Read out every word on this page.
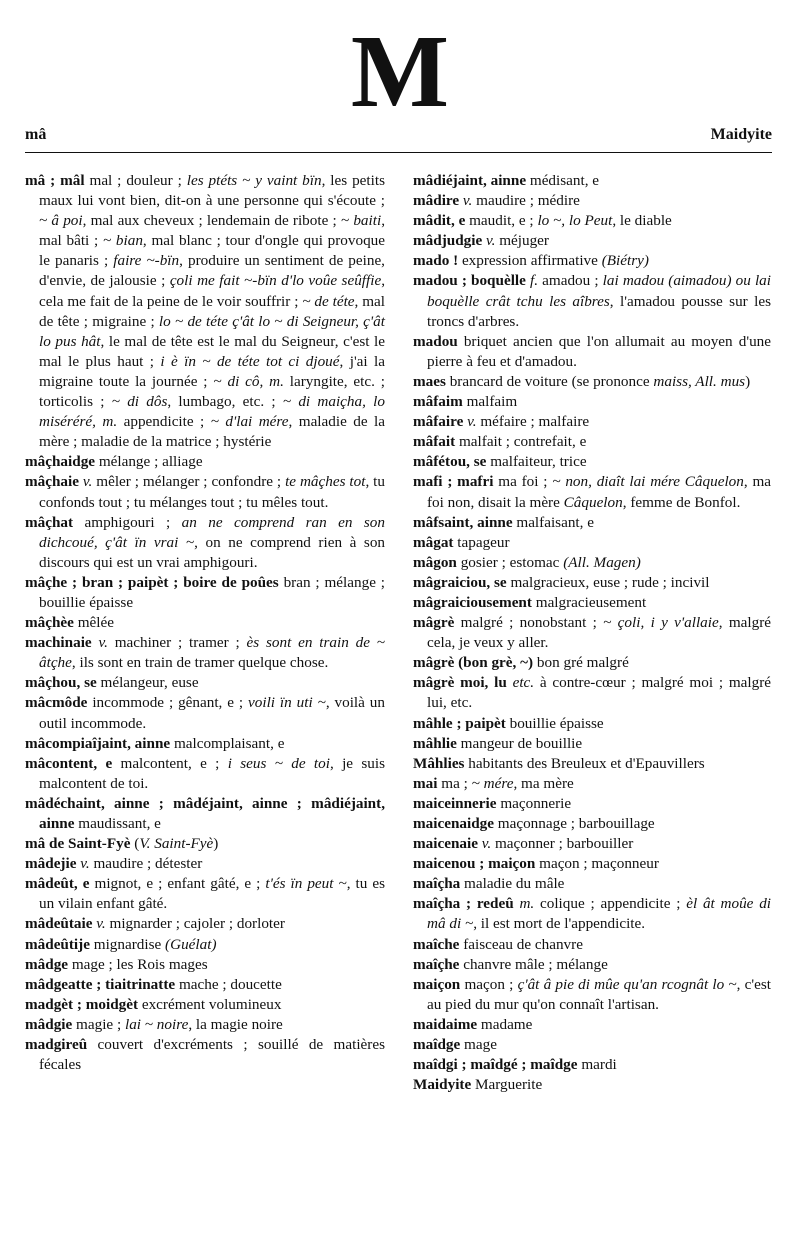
M
mâ	Maidyite

mâ ; mâl mal ; douleur ; les ptéts ~ y vaint bïn, les petits maux lui vont bien, dit-on à une personne qui s'écoute ; ~ â poi, mal aux cheveux ; lendemain de ribote ; ~ baiti, mal bâti ; ~ bian, mal blanc ; tour d'ongle qui provoque le panaris ; faire ~-bïn, produire un sentiment de peine, d'envie, de jalousie ; çoli me fait ~-bïn d'lo voûe seûffie, cela me fait de la peine de le voir souffrir ; ~ de téte, mal de tête ; migraine ; lo ~ de téte ç'ât lo ~ di Seigneur, ç'ât lo pus hât, le mal de tête est le mal du Seigneur, c'est le mal le plus haut ; i è ïn ~ de téte tot ci djoué, j'ai la migraine toute la journée ; ~ di cô, m. laryngite, etc. ; torticolis ; ~ di dôs, lumbago, etc. ; ~ di maiçha, lo miséréré, m. appendicite ; ~ d'lai mére, maladie de la mère ; maladie de la matrice ; hystérie

mâçhaidge mélange ; alliage

mâçhaie v. mêler ; mélanger ; confondre ; te mâçhes tot, tu confonds tout ; tu mélanges tout ; tu mêles tout.

mâçhat amphigouri ; an ne comprend ran en son dichcoué, ç'ât ïn vrai ~, on ne comprend rien à son discours qui est un vrai amphigouri.

mâçhe ; bran ; paipèt ; boire de poûes bran ; mélange ; bouillie épaisse

mâçhèe mêlée

machinaie v. machiner ; tramer ; ès sont en train de ~ âtçhe, ils sont en train de tramer quelque chose.

mâçhou, se mélangeur, euse

mâcmôde incommode ; gênant, e ; voili ïn uti ~, voilà un outil incommode.

mâcompiaîjaint, ainne malcomplaisant, e

mâcontent, e malcontent, e ; i seus ~ de toi, je suis malcontent de toi.

mâdéchaint, ainne ; mâdéjaint, ainne ; mâdiéjaint, ainne maudissant, e

mâ de Saint-Fyè (V. Saint-Fyè)

mâdejie v. maudire ; détester

mâdeût, e mignot, e ; enfant gâté, e ; t'és ïn peut ~, tu es un vilain enfant gâté.

mâdeûtaie v. mignarder ; cajoler ; dorloter

mâdeûtije mignardise (Guélat)

mâdge mage ; les Rois mages

mâdgeatte ; tiaitrinatte mache ; doucette

madgèt ; moidgèt excrément volumineux

mâdgie magie ; lai ~ noire, la magie noire

madgireû couvert d'excréments ; souillé de matières fécales

mâdiéjaint, ainne médisant, e

mâdire v. maudire ; médire

mâdit, e maudit, e ; lo ~, lo Peut, le diable

mâdjudgie v. méjuger

mado ! expression affirmative (Biétry)

madou ; boquèlle f. amadou ; lai madou (aimadou) ou lai boquèlle crât tchu les aîbres, l'amadou pousse sur les troncs d'arbres.

madou briquet ancien que l'on allumait au moyen d'une pierre à feu et d'amadou.

maes brancard de voiture (se prononce maiss, All. mus)

mâfaim malfaim

mâfaire v. méfaire ; malfaire

mâfait malfait ; contrefait, e

mâfétou, se malfaiteur, trice

mafi ; mafri ma foi ; ~ non, diaît lai mére Câquelon, ma foi non, disait la mère Câquelon, femme de Bonfol.

mâfsaint, ainne malfaisant, e

mâgat tapageur

mâgon gosier ; estomac (All. Magen)

mâgraiciou, se malgracieux, euse ; rude ; incivil

mâgraiciousement malgracieusement

mâgrè malgré ; nonobstant ; ~ çoli, i y v'allaie, malgré cela, je veux y aller.

mâgrè (bon grè, ~) bon gré malgré

mâgrè moi, lu etc. à contre-cœur ; malgré moi ; malgré lui, etc.

mâhle ; paipèt bouillie épaisse

mâhlie mangeur de bouillie

Mâhlies habitants des Breuleux et d'Epauvillers

mai ma ; ~ mére, ma mère

maiceinnerie maçonnerie

maicenaidge maçonnage ; barbouillage

maicenaie v. maçonner ; barbouiller

maicenou ; maiçon maçon ; maçonneur

maîçha maladie du mâle

maîçha ; redeû m. colique ; appendicite ; èl ât moûe di mâ di ~, il est mort de l'appendicite.

maîche faisceau de chanvre

maîçhe chanvre mâle ; mélange

maiçon maçon ; ç'ât â pie di mûe qu'an rcognât lo ~, c'est au pied du mur qu'on connaît l'artisan.

maidaime madame

maîdge mage

maîdgi ; maîdgé ; maîdge mardi

Maidyite Marguerite
